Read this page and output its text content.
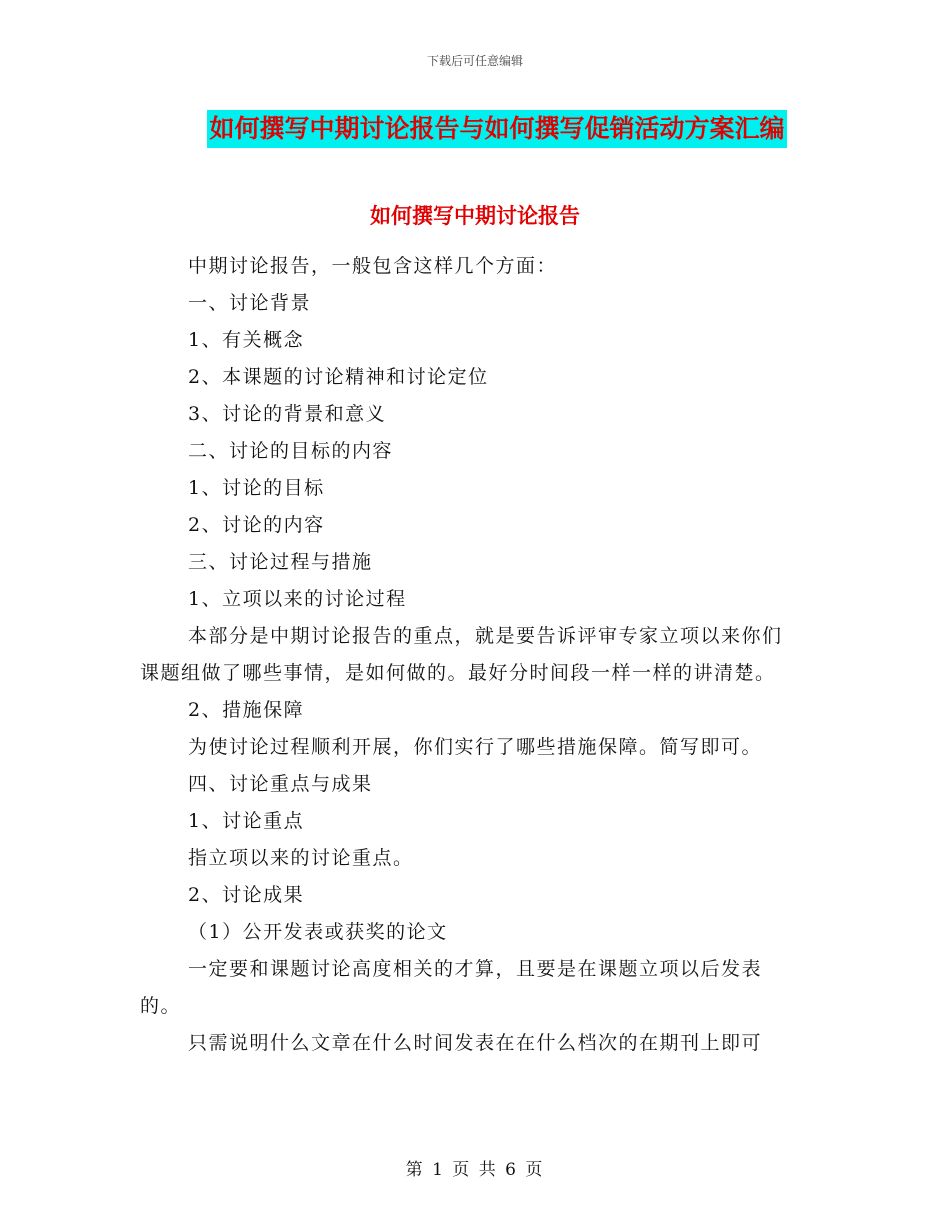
下载后可任意编辑
如何撰写中期讨论报告与如何撰写促销活动方案汇编
如何撰写中期讨论报告

中期讨论报告，一般包含这样几个方面：

一、讨论背景

1、有关概念

2、本课题的讨论精神和讨论定位

3、讨论的背景和意义

二、讨论的目标的内容

1、讨论的目标

2、讨论的内容

三、讨论过程与措施

1、立项以来的讨论过程

本部分是中期讨论报告的重点，就是要告诉评审专家立项以来你们课题组做了哪些事情，是如何做的。最好分时间段一样一样的讲清楚。

2、措施保障

为使讨论过程顺利开展，你们实行了哪些措施保障。简写即可。

四、讨论重点与成果

1、讨论重点

指立项以来的讨论重点。

2、讨论成果

（1）公开发表或获奖的论文

一定要和课题讨论高度相关的才算，且要是在课题立项以后发表的。

只需说明什么文章在什么时间发表在在什么档次的在期刊上即可

第 1 页 共 6 页
